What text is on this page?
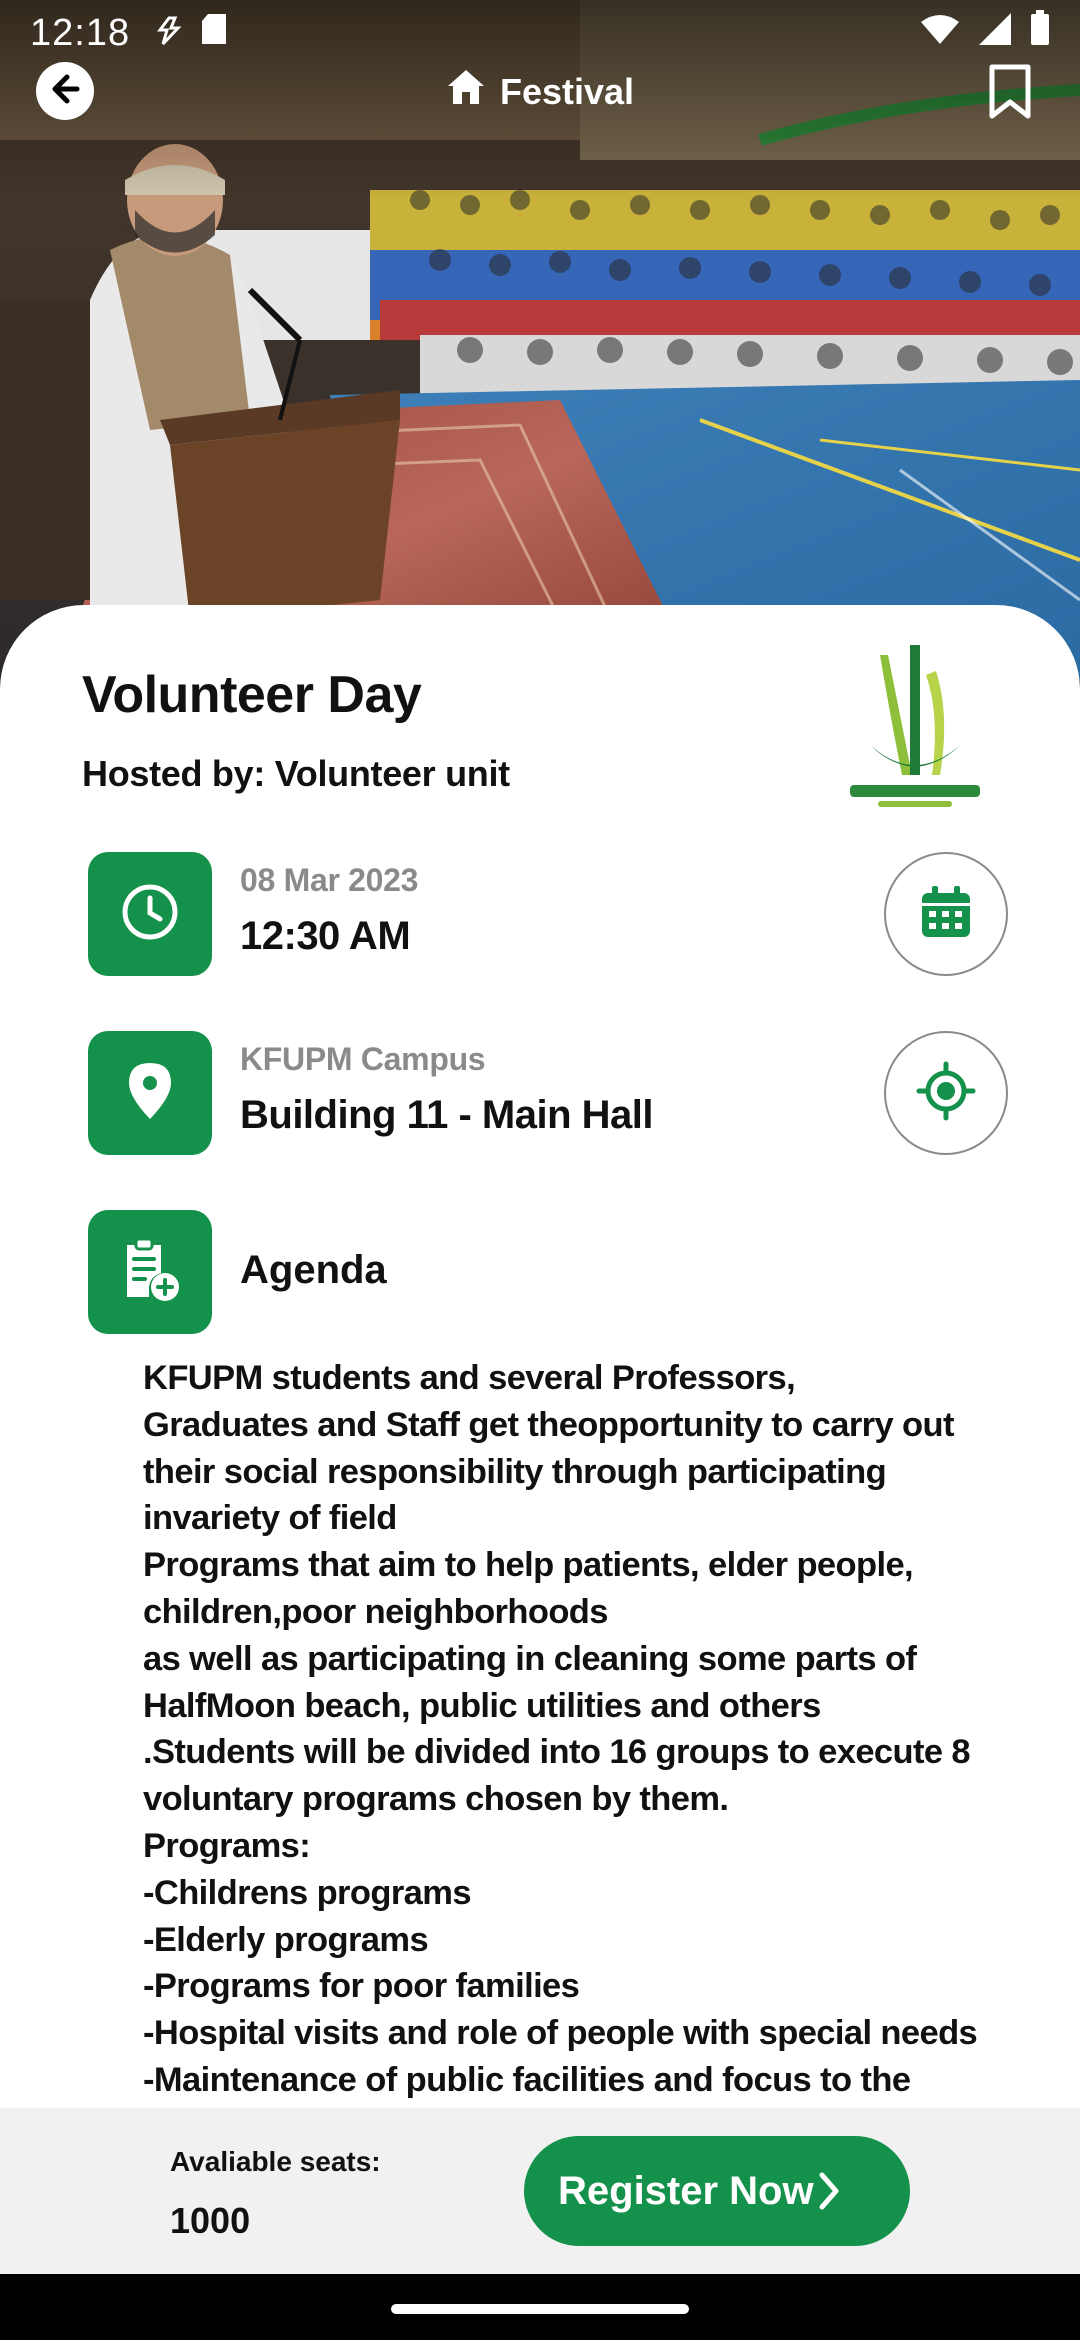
12:18
Festival
Volunteer Day
Hosted by: Volunteer unit
08 Mar 2023
12:30 AM
KFUPM Campus
Building 11 - Main Hall
Agenda
KFUPM students and several Professors,
Graduates and Staff get theopportunity to carry out their social responsibility through participating invariety of field
Programs that aim to help patients, elder people, children,poor neighborhoods
as well as participating in cleaning some parts of HalfMoon beach, public utilities and others
.Students will be divided into 16 groups to execute 8 voluntary programs chosen by them.
Programs:
-Childrens programs
-Elderly programs
-Programs for poor families
-Hospital visits and role of people with special needs
-Maintenance of public facilities and focus to the
Avaliable seats:
1000
Register Now
